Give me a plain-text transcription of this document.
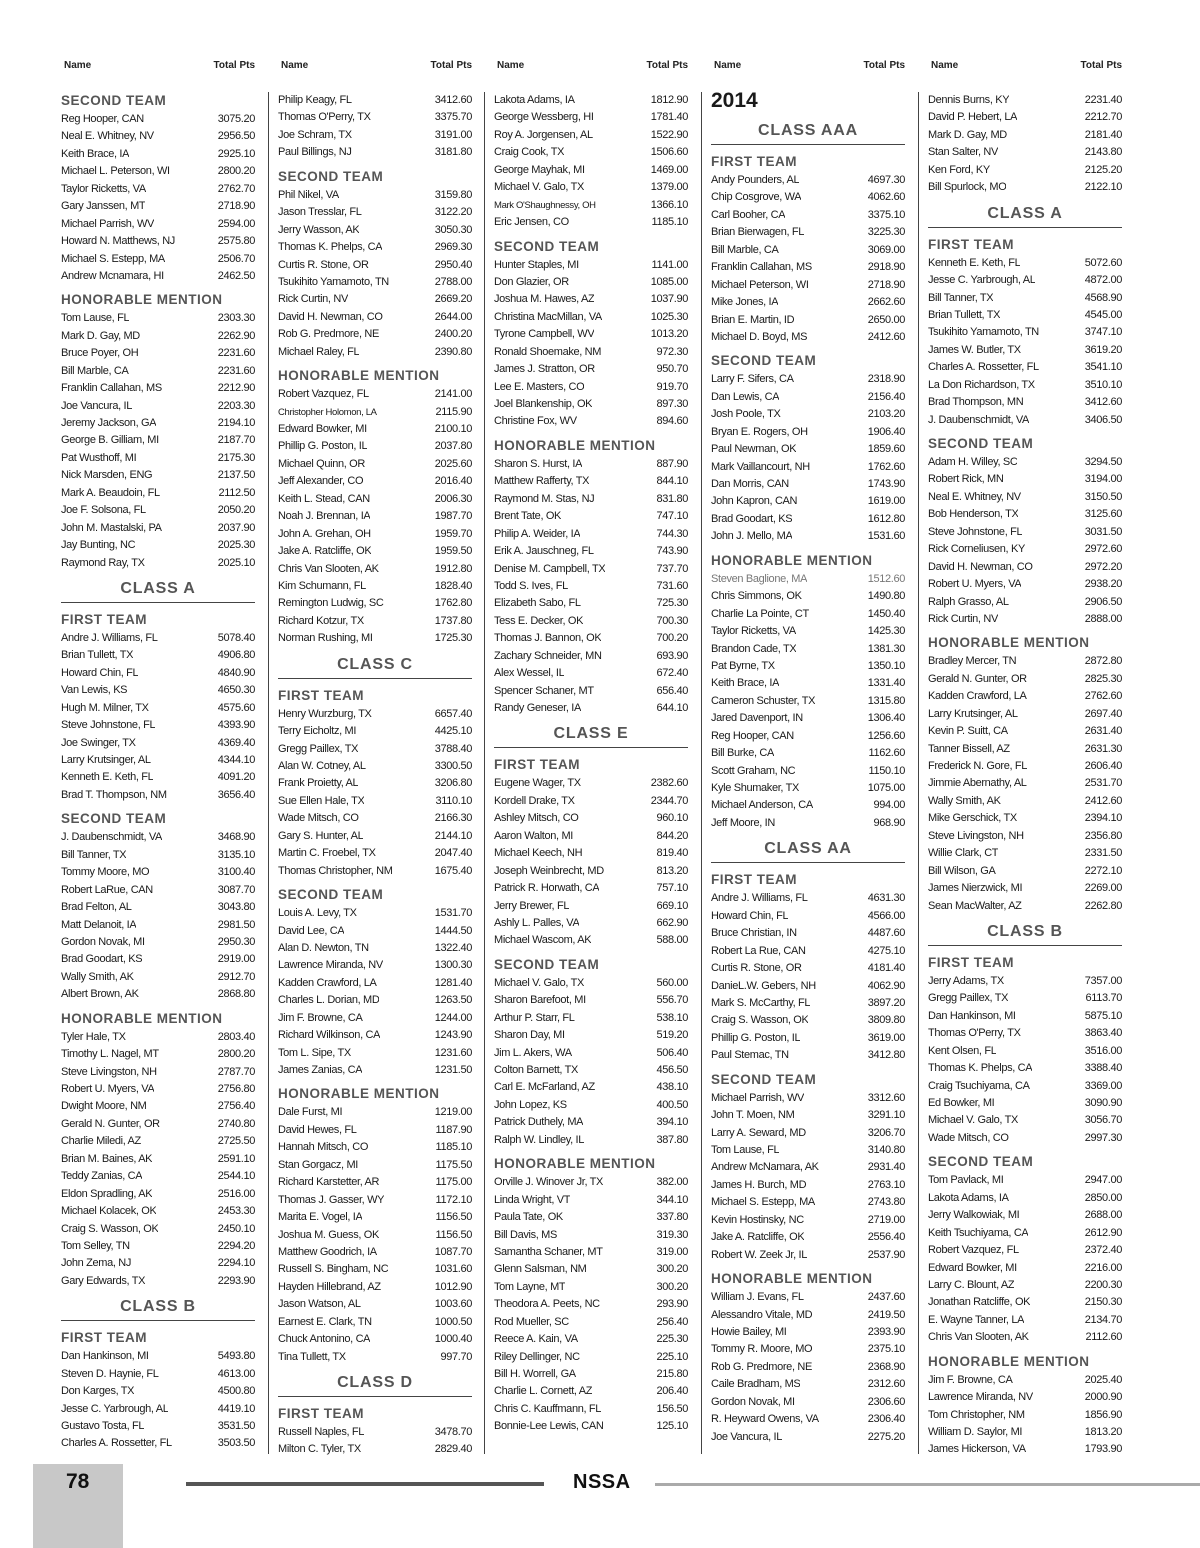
Name	Total Pts
SECOND TEAM
Reg Hooper, CAN	3075.20
Neal E. Whitney, NV	2956.50
Keith Brace, IA	2925.10
Michael L. Peterson, WI	2800.20
Taylor Ricketts, VA	2762.70
Gary Janssen, MT	2718.90
Michael Parrish, WV	2594.00
Howard N. Matthews, NJ	2575.80
Michael S. Estepp, MA	2506.70
Andrew Mcnamara, HI	2462.50
HONORABLE MENTION
Tom Lause, FL	2303.30
Mark D. Gay, MD	2262.90
Bruce Poyer, OH	2231.60
Bill Marble, CA	2231.60
Franklin Callahan, MS	2212.90
Joe Vancura, IL	2203.30
Jeremy Jackson, GA	2194.10
George B. Gilliam, MI	2187.70
Pat Wusthoff, MI	2175.30
Nick Marsden, ENG	2137.50
Mark A. Beaudoin, FL	2112.50
Joe F. Solsona, FL	2050.20
John M. Mastalski, PA	2037.90
Jay Bunting, NC	2025.30
Raymond Ray, TX	2025.10
CLASS A
FIRST TEAM
Andre J. Williams, FL	5078.40
Brian Tullett, TX	4906.80
Howard Chin, FL	4840.90
Van Lewis, KS	4650.30
Hugh M. Milner, TX	4575.60
Steve Johnstone, FL	4393.90
Joe Swinger, TX	4369.40
Larry Krutsinger, AL	4344.10
Kenneth E. Keth, FL	4091.20
Brad T. Thompson, NM	3656.40
SECOND TEAM
J. Daubenschmidt, VA	3468.90
Bill Tanner, TX	3135.10
Tommy Moore, MO	3100.40
Robert LaRue, CAN	3087.70
Brad Felton, AL	3043.80
Matt Delanoit, IA	2981.50
Gordon Novak, MI	2950.30
Brad Goodart, KS	2919.00
Wally Smith, AK	2912.70
Albert Brown, AK	2868.80
HONORABLE MENTION
Tyler Hale, TX	2803.40
Timothy L. Nagel, MT	2800.20
Steve Livingston, NH	2787.70
Robert U. Myers, VA	2756.80
Dwight Moore, NM	2756.40
Gerald N. Gunter, OR	2740.80
Charlie Miledi, AZ	2725.50
Brian M. Baines, AK	2591.10
Teddy Zanias, CA	2544.10
Eldon Spradling, AK	2516.00
Michael Kolacek, OK	2453.30
Craig S. Wasson, OK	2450.10
Tom Selley, TN	2294.20
John Zema, NJ	2294.10
Gary Edwards, TX	2293.90
CLASS B
FIRST TEAM
Dan Hankinson, MI	5493.80
Steven D. Haynie, FL	4613.00
Don Karges, TX	4500.80
Jesse C. Yarbrough, AL	4419.10
Gustavo Tosta, FL	3531.50
Charles A. Rossetter, FL	3503.50
Name	Total Pts
Philip Keagy, FL	3412.60
Thomas O'Perry, TX	3375.70
Joe Schram, TX	3191.00
Paul Billings, NJ	3181.80
SECOND TEAM
Phil Nikel, VA	3159.80
Jason Tresslar, FL	3122.20
Jerry Wasson, AK	3050.30
Thomas K. Phelps, CA	2969.30
Curtis R. Stone, OR	2950.40
Tsukihito Yamamoto, TN	2788.00
Rick Curtin, NV	2669.20
David H. Newman, CO	2644.00
Rob G. Predmore, NE	2400.20
Michael Raley, FL	2390.80
HONORABLE MENTION
Robert Vazquez, FL	2141.00
Christopher Holomon, LA	2115.90
Edward Bowker, MI	2100.10
Phillip G. Poston, IL	2037.80
Michael Quinn, OR	2025.60
Jeff Alexander, CO	2016.40
Keith L. Stead, CAN	2006.30
Noah J. Brennan, IA	1987.70
John A. Grehan, OH	1959.70
Jake A. Ratcliffe, OK	1959.50
Chris Van Slooten, AK	1912.80
Kim Schumann, FL	1828.40
Remington Ludwig, SC	1762.80
Richard Kotzur, TX	1737.80
Norman Rushing, MI	1725.30
CLASS C
FIRST TEAM
Henry Wurzburg, TX	6657.40
Terry Eicholtz, MI	4425.10
Gregg Paillex, TX	3788.40
Alan W. Cotney, AL	3300.50
Frank Proietty, AL	3206.80
Sue Ellen Hale, TX	3110.10
Wade Mitsch, CO	2166.30
Gary S. Hunter, AL	2144.10
Martin C. Froebel, TX	2047.40
Thomas Christopher, NM	1675.40
SECOND TEAM
Louis A. Levy, TX	1531.70
David Lee, CA	1444.50
Alan D. Newton, TN	1322.40
Lawrence Miranda, NV	1300.30
Kadden Crawford, LA	1281.40
Charles L. Dorian, MD	1263.50
Jim F. Browne, CA	1244.00
Richard Wilkinson, CA	1243.90
Tom L. Sipe, TX	1231.60
James Zanias, CA	1231.50
HONORABLE MENTION
Dale Furst, MI	1219.00
David Hewes, FL	1187.90
Hannah Mitsch, CO	1185.10
Stan Gorgacz, MI	1175.50
Richard Karstetter, AR	1175.00
Thomas J. Gasser, WY	1172.10
Marita E. Vogel, IA	1156.50
Joshua M. Guess, OK	1156.50
Matthew Goodrich, IA	1087.70
Russell S. Bingham, NC	1031.60
Hayden Hillebrand, AZ	1012.90
Jason Watson, AL	1003.60
Earnest E. Clark, TN	1000.50
Chuck Antonino, CA	1000.40
Tina Tullett, TX	997.70
CLASS D
FIRST TEAM
Russell Naples, FL	3478.70
Milton C. Tyler, TX	2829.40
Name	Total Pts
Lakota Adams, IA	1812.90
George Wessberg, HI	1781.40
Roy A. Jorgensen, AL	1522.90
Craig Cook, TX	1506.60
George Mayhak, MI	1469.00
Michael V. Galo, TX	1379.00
Mark O'Shaughnessy, OH	1366.10
Eric Jensen, CO	1185.10
SECOND TEAM
Hunter Staples, MI	1141.00
Don Glazier, OR	1085.00
Joshua M. Hawes, AZ	1037.90
Christina MacMillan, VA	1025.30
Tyrone Campbell, WV	1013.20
Ronald Shoemake, NM	972.30
James J. Stratton, OR	950.70
Lee E. Masters, CO	919.70
Joel Blankenship, OK	897.30
Christine Fox, WV	894.60
HONORABLE MENTION
Sharon S. Hurst, IA	887.90
Matthew Rafferty, TX	844.10
Raymond M. Stas, NJ	831.80
Brent Tate, OK	747.10
Philip A. Weider, IA	744.30
Erik A. Jauschneg, FL	743.90
Denise M. Campbell, TX	737.70
Todd S. Ives, FL	731.60
Elizabeth Sabo, FL	725.30
Tess E. Decker, OK	700.30
Thomas J. Bannon, OK	700.20
Zachary Schneider, MN	693.90
Alex Wessel, IL	672.40
Spencer Schaner, MT	656.40
Randy Geneser, IA	644.10
CLASS E
FIRST TEAM
Eugene Wager, TX	2382.60
Kordell Drake, TX	2344.70
Ashley Mitsch, CO	960.10
Aaron Walton, MI	844.20
Michael Keech, NH	819.40
Joseph Weinbrecht, MD	813.20
Patrick R. Horwath, CA	757.10
Jerry Brewer, FL	669.10
Ashly L. Palles, VA	662.90
Michael Wascom, AK	588.00
SECOND TEAM
Michael V. Galo, TX	560.00
Sharon Barefoot, MI	556.70
Arthur P. Starr, FL	538.10
Sharon Day, MI	519.20
Jim L. Akers, WA	506.40
Colton Barnett, TX	456.50
Carl E. McFarland, AZ	438.10
John Lopez, KS	400.50
Patrick Duthely, MA	394.10
Ralph W. Lindley, IL	387.80
HONORABLE MENTION
Orville J. Winover Jr, TX	382.00
Linda Wright, VT	344.10
Paula Tate, OK	337.80
Bill Davis, MS	319.30
Samantha Schaner, MT	319.00
Glenn Salsman, NM	300.20
Tom Layne, MT	300.20
Theodora A. Peets, NC	293.90
Rod Mueller, SC	256.40
Reece A. Kain, VA	225.30
Riley Dellinger, NC	225.10
Bill H. Worrell, GA	215.80
Charlie L. Cornett, AZ	206.40
Chris C. Kauffmann, FL	156.50
Bonnie-Lee Lewis, CAN	125.10
Name	Total Pts
2014
CLASS AAA
FIRST TEAM
Andy Pounders, AL	4697.30
Chip Cosgrove, WA	4062.60
Carl Booher, CA	3375.10
Brian Bierwagen, FL	3225.30
Bill Marble, CA	3069.00
Franklin Callahan, MS	2918.90
Michael Peterson, WI	2718.90
Mike Jones, IA	2662.60
Brian E. Martin, ID	2650.00
Michael D. Boyd, MS	2412.60
SECOND TEAM
Larry F. Sifers, CA	2318.90
Dan Lewis, CA	2156.40
Josh Poole, TX	2103.20
Bryan E. Rogers, OH	1906.40
Paul Newman, OK	1859.60
Mark Vaillancourt, NH	1762.60
Dan Morris, CAN	1743.90
John Kapron, CAN	1619.00
Brad Goodart, KS	1612.80
John J. Mello, MA	1531.60
HONORABLE MENTION
Steven Baglione, MA	1512.60
Chris Simmons, OK	1490.80
Charlie La Pointe, CT	1450.40
Taylor Ricketts, VA	1425.30
Brandon Cade, TX	1381.30
Pat Byrne, TX	1350.10
Keith Brace, IA	1331.40
Cameron Schuster, TX	1315.80
Jared Davenport, IN	1306.40
Reg Hooper, CAN	1256.60
Bill Burke, CA	1162.60
Scott Graham, NC	1150.10
Kyle Shumaker, TX	1075.00
Michael Anderson, CA	994.00
Jeff Moore, IN	968.90
CLASS AA
FIRST TEAM
Andre J. Williams, FL	4631.30
Howard Chin, FL	4566.00
Bruce Christian, IN	4487.60
Robert La Rue, CAN	4275.10
Curtis R. Stone, OR	4181.40
DanieL.W. Gebers, NH	4062.90
Mark S. McCarthy, FL	3897.20
Craig S. Wasson, OK	3809.80
Phillip G. Poston, IL	3619.00
Paul Stemac, TN	3412.80
SECOND TEAM
Michael Parrish, WV	3312.60
John T. Moen, NM	3291.10
Larry A. Seward, MD	3206.70
Tom Lause, FL	3140.80
Andrew McNamara, AK	2931.40
James H. Burch, MD	2763.10
Michael S. Estepp, MA	2743.80
Kevin Hostinsky, NC	2719.00
Jake A. Ratcliffe, OK	2556.40
Robert W. Zeek Jr, IL	2537.90
HONORABLE MENTION
William J. Evans, FL	2437.60
Alessandro Vitale, MD	2419.50
Howie Bailey, MI	2393.90
Tommy R. Moore, MO	2375.10
Rob G. Predmore, NE	2368.90
Caile Bradham, MS	2312.60
Gordon Novak, MI	2306.60
R. Heyward Owens, VA	2306.40
Joe Vancura, IL	2275.20
Name	Total Pts
Dennis Burns, KY	2231.40
David P. Hebert, LA	2212.70
Mark D. Gay, MD	2181.40
Stan Salter, NV	2143.80
Ken Ford, KY	2125.20
Bill Spurlock, MO	2122.10
CLASS A
FIRST TEAM
Kenneth E. Keth, FL	5072.60
Jesse C. Yarbrough, AL	4872.00
Bill Tanner, TX	4568.90
Brian Tullett, TX	4545.00
Tsukihito Yamamoto, TN	3747.10
James W. Butler, TX	3619.20
Charles A. Rossetter, FL	3541.10
La Don Richardson, TX	3510.10
Brad Thompson, MN	3412.60
J. Daubenschmidt, VA	3406.50
SECOND TEAM
Adam H. Willey, SC	3294.50
Robert Rick, MN	3194.00
Neal E. Whitney, NV	3150.50
Bob Henderson, TX	3125.60
Steve Johnstone, FL	3031.50
Rick Corneliusen, KY	2972.60
David H. Newman, CO	2972.20
Robert U. Myers, VA	2938.20
Ralph Grasso, AL	2906.50
Rick Curtin, NV	2888.00
HONORABLE MENTION
Bradley Mercer, TN	2872.80
Gerald N. Gunter, OR	2825.30
Kadden Crawford, LA	2762.60
Larry Krutsinger, AL	2697.40
Kevin P. Suitt, CA	2631.40
Tanner Bissell, AZ	2631.30
Frederick N. Gore, FL	2606.40
Jimmie Abernathy, AL	2531.70
Wally Smith, AK	2412.60
Mike Gerschick, TX	2394.10
Steve Livingston, NH	2356.80
Willie Clark, CT	2331.50
Bill Wilson, GA	2272.10
James Nierzwick, MI	2269.00
Sean MacWalter, AZ	2262.80
CLASS B
FIRST TEAM
Jerry Adams, TX	7357.00
Gregg Paillex, TX	6113.70
Dan Hankinson, MI	5875.10
Thomas O'Perry, TX	3863.40
Kent Olsen, FL	3516.00
Thomas K. Phelps, CA	3388.40
Craig Tsuchiyama, CA	3369.00
Ed Bowker, MI	3090.90
Michael V. Galo, TX	3056.70
Wade Mitsch, CO	2997.30
SECOND TEAM
Tom Pavlack, MI	2947.00
Lakota Adams, IA	2850.00
Jerry Walkowiak, MI	2688.00
Keith Tsuchiyama, CA	2612.90
Robert Vazquez, FL	2372.40
Edward Bowker, MI	2216.00
Larry C. Blount, AZ	2200.30
Jonathan Ratcliffe, OK	2150.30
E. Wayne Tanner, LA	2134.70
Chris Van Slooten, AK	2112.60
HONORABLE MENTION
Jim F. Browne, CA	2025.40
Lawrence Miranda, NV	2000.90
Tom Christopher, NM	1856.90
William D. Saylor, MI	1813.20
James Hickerson, VA	1793.90
78	NSSA
